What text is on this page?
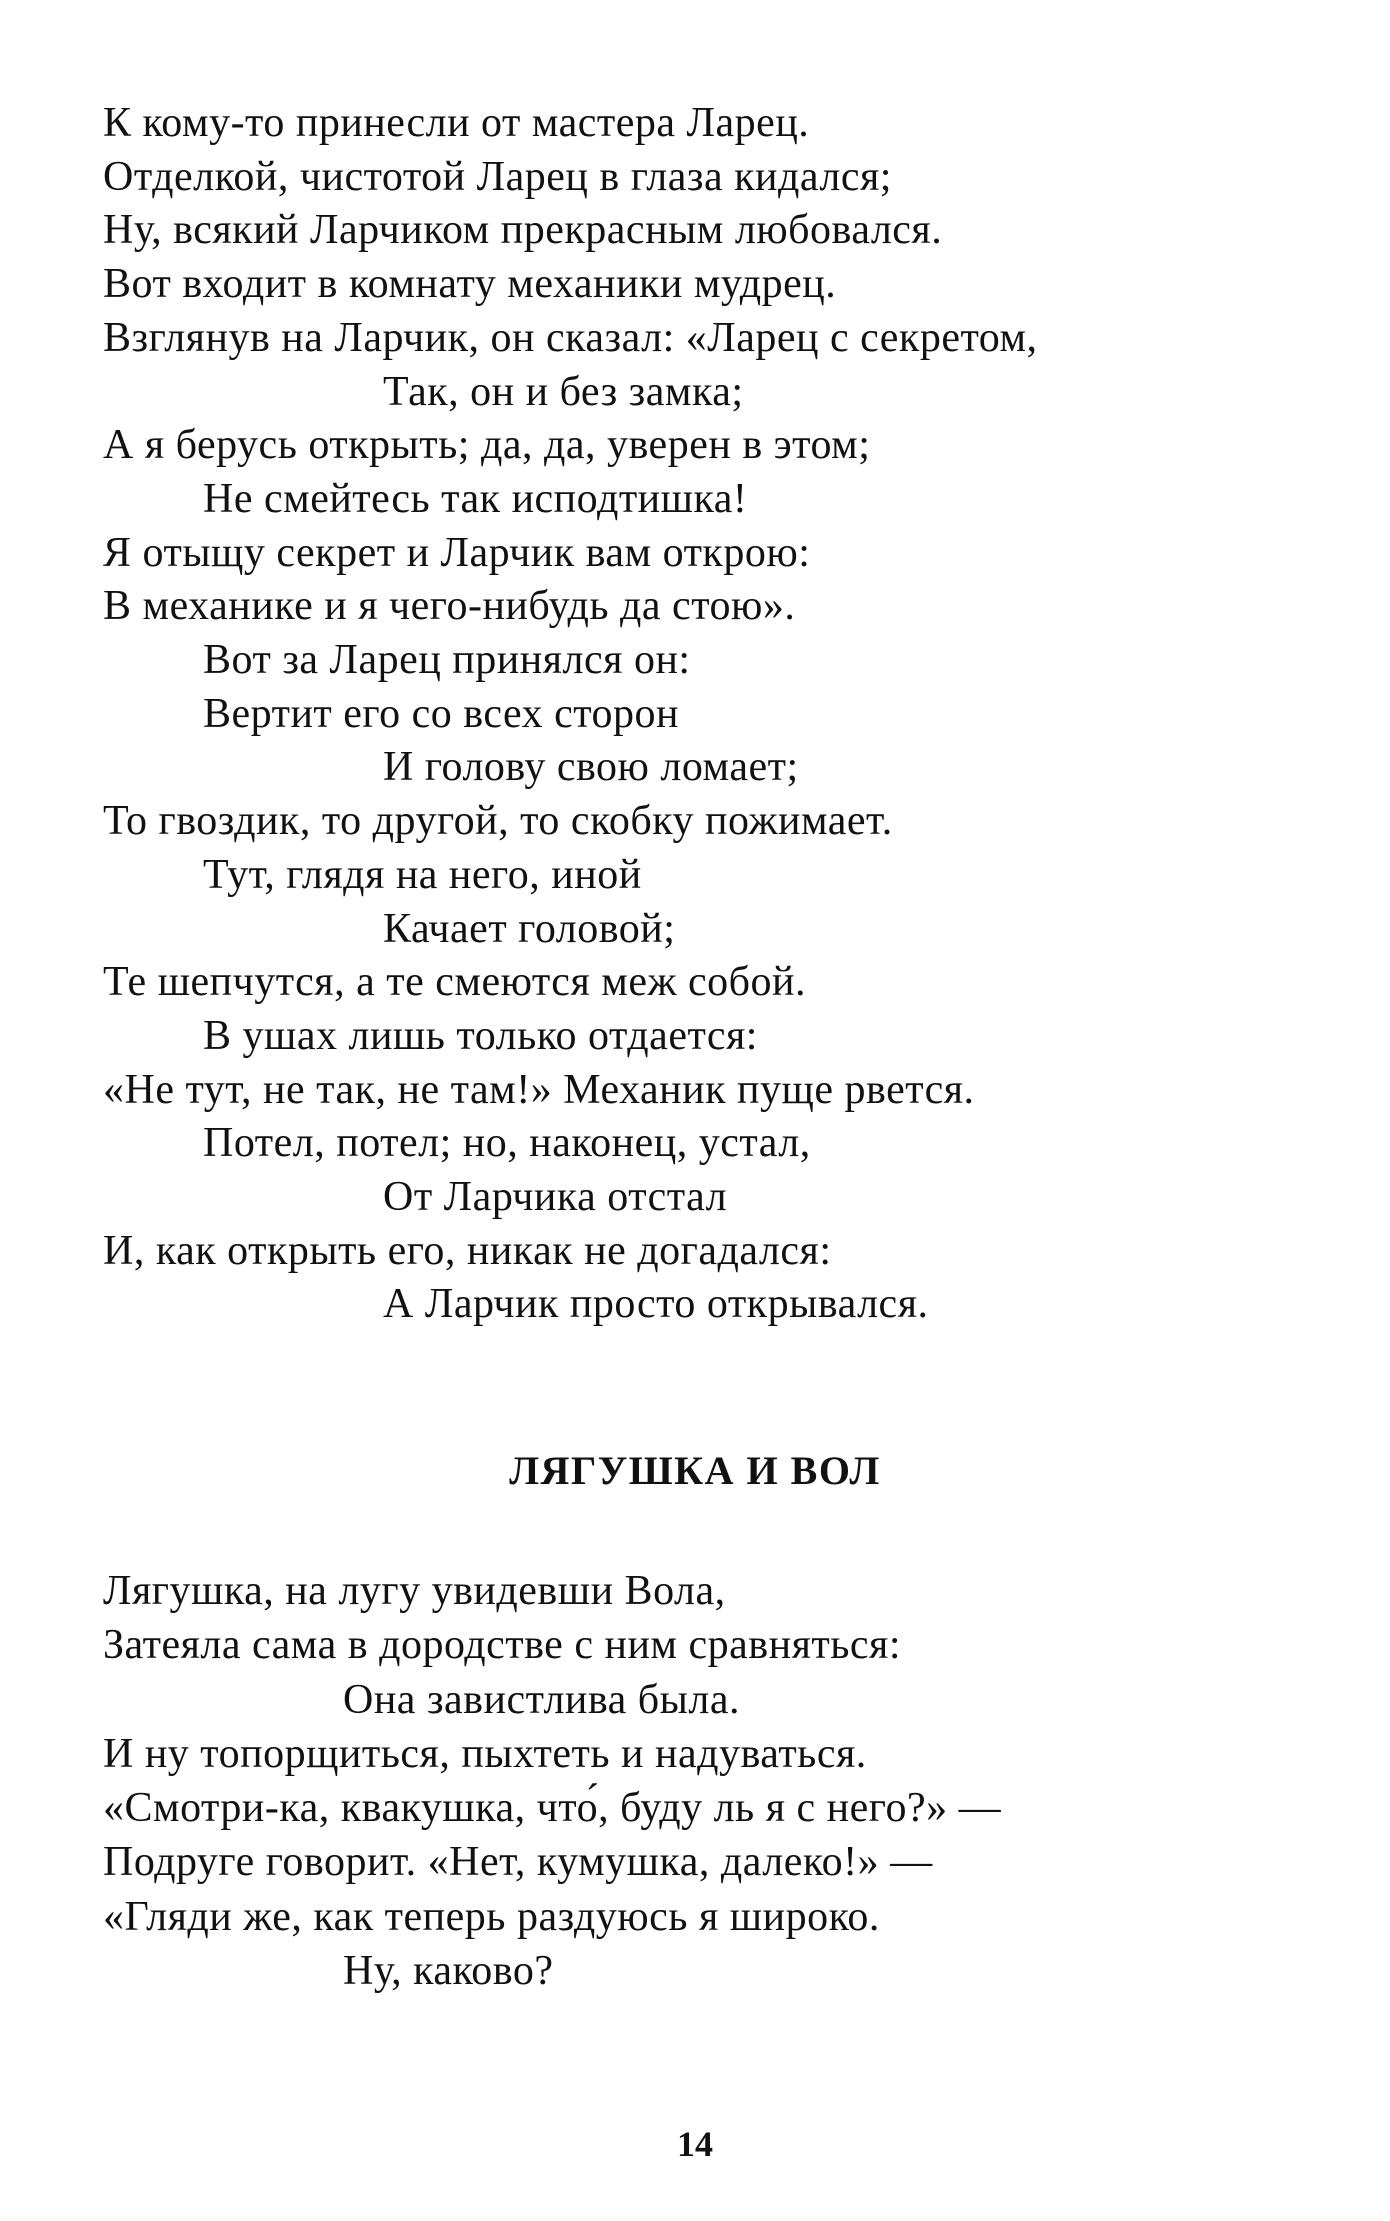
К кому-то принесли от мастера Ларец.
Отделкой, чистотой Ларец в глаза кидался;
Ну, всякий Ларчиком прекрасным любовался.
Вот входит в комнату механики мудрец.
Взглянув на Ларчик, он сказал: «Ларец с секретом,
Так, он и без замка;
А я берусь открыть; да, да, уверен в этом;
Не смейтесь так исподтишка!
Я отыщу секрет и Ларчик вам открою:
В механике и я чего-нибудь да стою».
Вот за Ларец принялся он:
Вертит его со всех сторон
И голову свою ломает;
То гвоздик, то другой, то скобку пожимает.
Тут, глядя на него, иной
Качает головой;
Те шепчутся, а те смеются меж собой.
В ушах лишь только отдается:
«Не тут, не так, не там!» Механик пуще рвется.
Потел, потел; но, наконец, устал,
От Ларчика отстал
И, как открыть его, никак не догадался:
А Ларчик просто открывался.
ЛЯГУШКА И ВОЛ
Лягушка, на лугу увидевши Вола,
Затеяла сама в дородстве с ним сравняться:
Она завистлива была.
И ну топорщиться, пыхтеть и надуваться.
«Смотри-ка, квакушка, что́, буду ль я с него?» —
Подруге говорит. «Нет, кумушка, далеко!» —
«Гляди же, как теперь раздуюсь я широко.
Ну, каково?
14
